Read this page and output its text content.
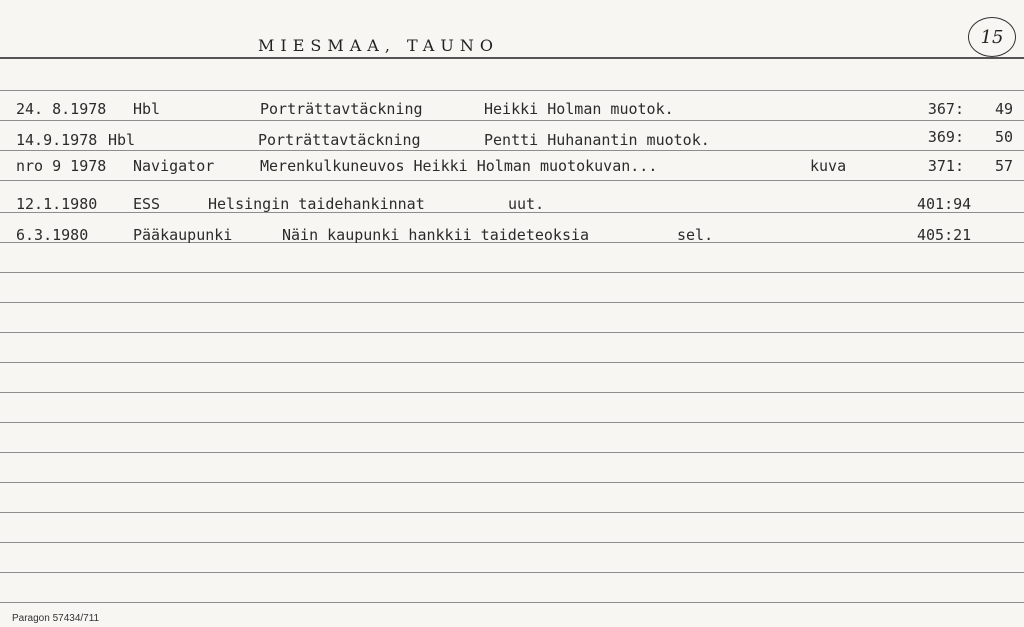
MIESMAA, TAUNO	15
24. 8.1978 Hbl	Porträttavtäckning	Heikki Holman muotok.	367:	49
14.9.1978 Hbl	Porträttavtäckning	Pentti Huhanantin muotok.	369:	50
nro 9 1978 Navigator	Merenkulkuneuvos Heikki Holman muotokuvan...	kuva	371:	57
12.1.1980 ESS	Helsingin taidehankinnat	uut.	401:94
6.3.1980	Pääkaupunki	Näin kaupunki hankkii taideteoksia	sel.	405:21
Paragon 57434/711
